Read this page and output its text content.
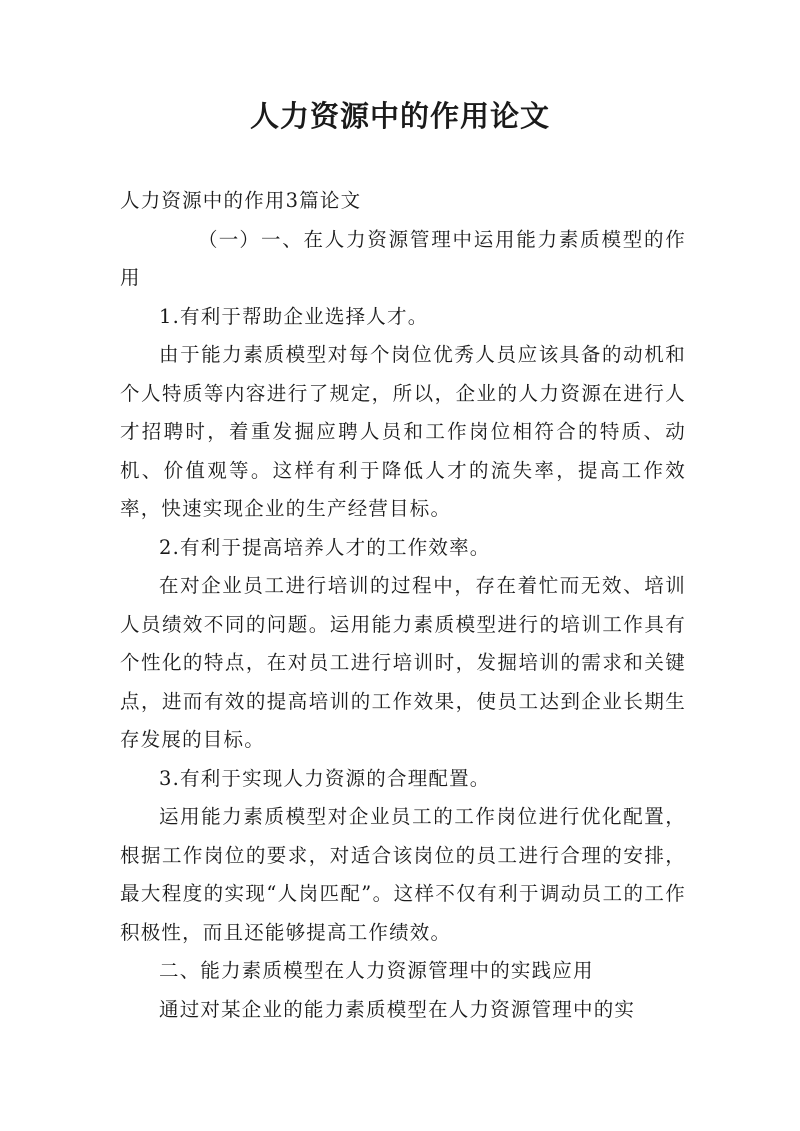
人力资源中的作用论文

人力资源中的作用3篇论文

（一）一、在人力资源管理中运用能力素质模型的作用

1.有利于帮助企业选择人才。

由于能力素质模型对每个岗位优秀人员应该具备的动机和个人特质等内容进行了规定，所以，企业的人力资源在进行人才招聘时，着重发掘应聘人员和工作岗位相符合的特质、动机、价值观等。这样有利于降低人才的流失率，提高工作效率，快速实现企业的生产经营目标。

2.有利于提高培养人才的工作效率。

在对企业员工进行培训的过程中，存在着忙而无效、培训人员绩效不同的问题。运用能力素质模型进行的培训工作具有个性化的特点，在对员工进行培训时，发掘培训的需求和关键点，进而有效的提高培训的工作效果，使员工达到企业长期生存发展的目标。

3.有利于实现人力资源的合理配置。

运用能力素质模型对企业员工的工作岗位进行优化配置，根据工作岗位的要求，对适合该岗位的员工进行合理的安排，最大程度的实现“人岗匹配”。这样不仅有利于调动员工的工作积极性，而且还能够提高工作绩效。

二、能力素质模型在人力资源管理中的实践应用

通过对某企业的能力素质模型在人力资源管理中的实
